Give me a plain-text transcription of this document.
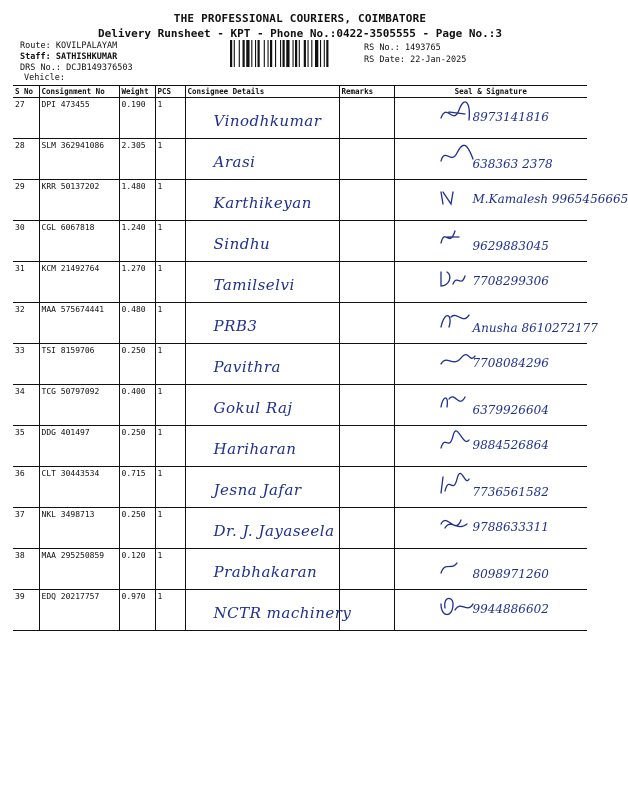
THE PROFESSIONAL COURIERS, COIMBATORE
Delivery Runsheet - KPT - Phone No.:0422-3505555 - Page No.:3
Route: KOVILPALAYAM
Staff: SATHISHKUMAR
DRS No.: DCJB149376503
Vehicle:
RS No.: 1493765
RS Date: 22-Jan-2025
S No	Consignment No	Weight	PCS	Consignee Details	Remarks	Seal & Signature
27	DPI 473455	0.190	1	Vinodhkumar		8973141816

28	SLM 362941086	2.305	1	Arasi		638363 2378

29	KRR 50137202	1.480	1	Karthikeyan		M.Kamalesh 9965456665

30	CGL 6067818	1.240	1	Sindhu		9629883045

31	KCM 21492764	1.270	1	Tamilselvi		7708299306

32	MAA 575674441	0.480	1	PRB3		Anusha 8610272177

33	TSI 8159706	0.250	1	Pavithra		7708084296

34	TCG 50797092	0.400	1	Gokul Raj		6379926604

35	DDG 401497	0.250	1	Hariharan		9884526864

36	CLT 30443534	0.715	1	Jesna Jafar		7736561582

37	NKL 3498713	0.250	1	Dr. J. Jayaseela		9788633311

38	MAA 295250859	0.120	1	Prabhakaran		8098971260

39	EDQ 20217757	0.970	1	NCTR machinery		9944886602
